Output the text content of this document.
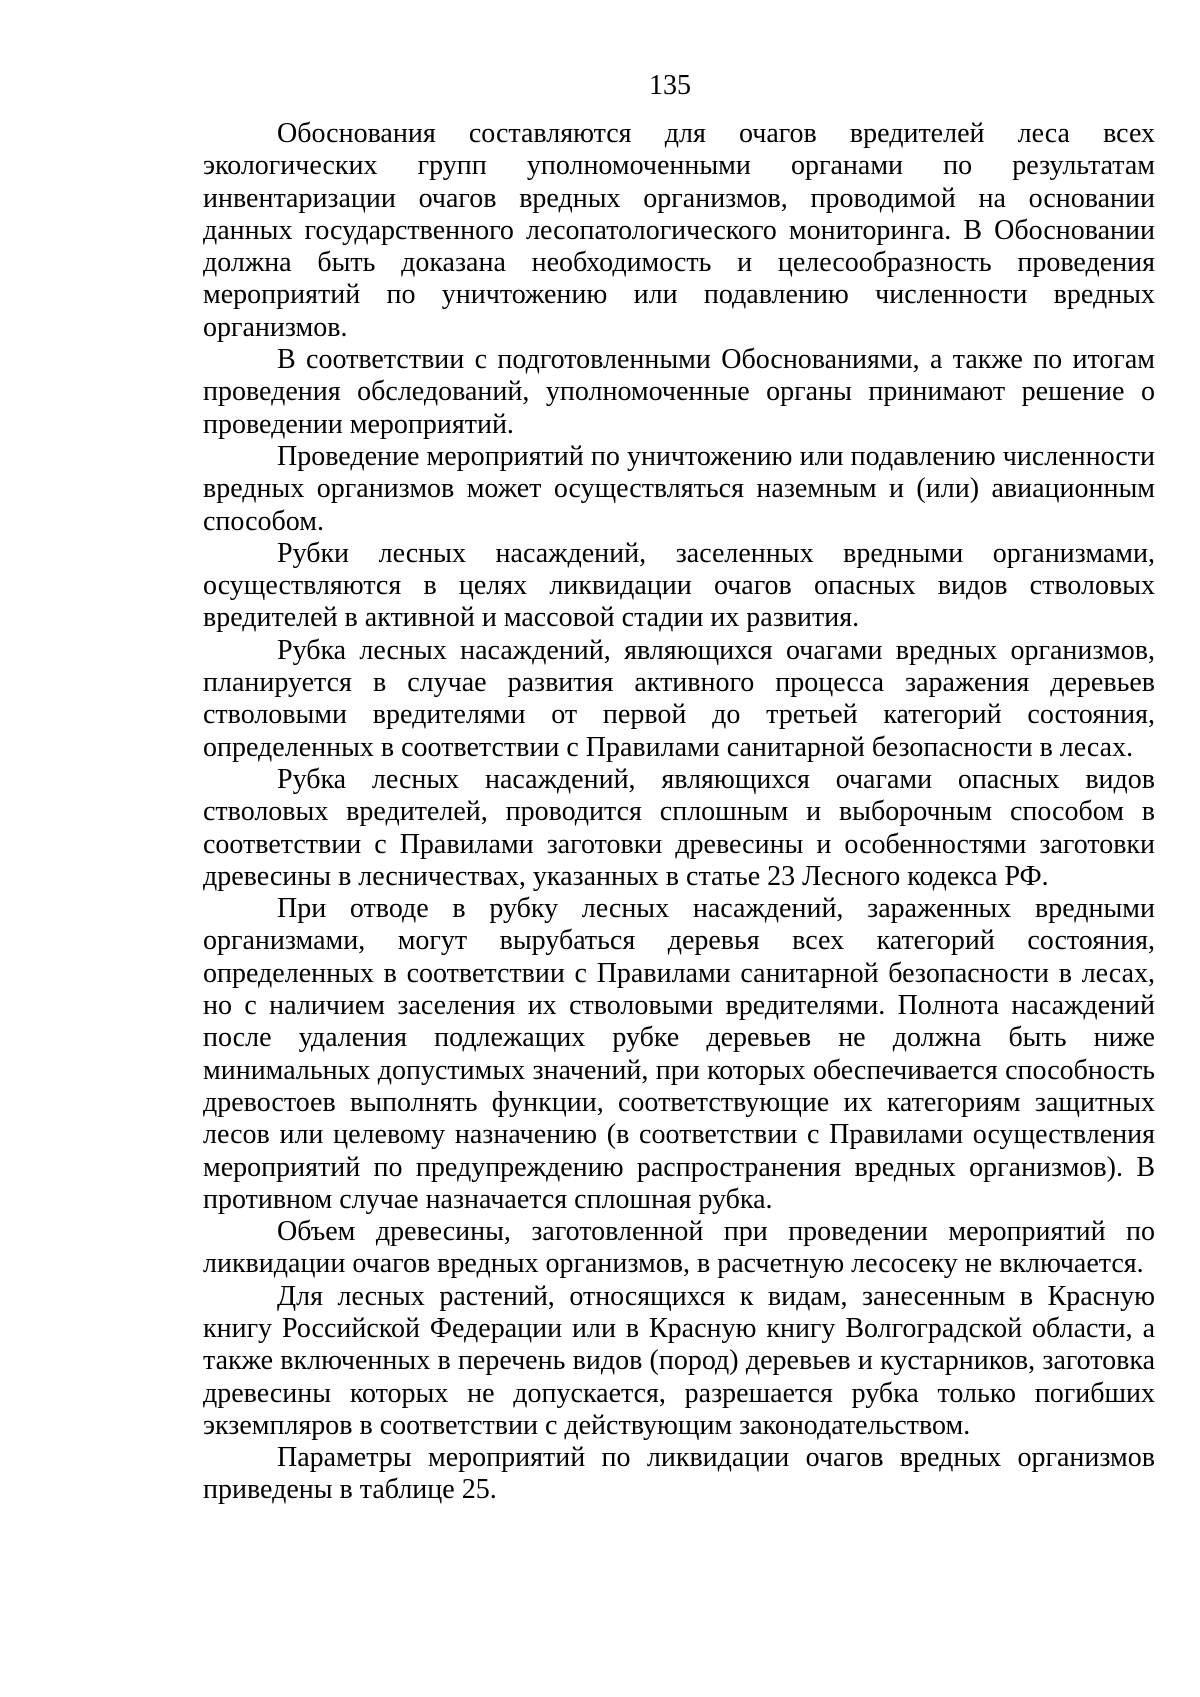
135

Обоснования составляются для очагов вредителей леса всех экологических групп уполномоченными органами по результатам инвентаризации очагов вредных организмов, проводимой на основании данных государственного лесопатологического мониторинга. В Обосновании должна быть доказана необходимость и целесообразность проведения мероприятий по уничтожению или подавлению численности вредных организмов.

В соответствии с подготовленными Обоснованиями, а также по итогам проведения обследований, уполномоченные органы принимают решение о проведении мероприятий.

Проведение мероприятий по уничтожению или подавлению численности вредных организмов может осуществляться наземным и (или) авиационным способом.

Рубки лесных насаждений, заселенных вредными организмами, осуществляются в целях ликвидации очагов опасных видов стволовых вредителей в активной и массовой стадии их развития.

Рубка лесных насаждений, являющихся очагами вредных организмов, планируется в случае развития активного процесса заражения деревьев стволовыми вредителями от первой до третьей категорий состояния, определенных в соответствии с Правилами санитарной безопасности в лесах.

Рубка лесных насаждений, являющихся очагами опасных видов стволовых вредителей, проводится сплошным и выборочным способом в соответствии с Правилами заготовки древесины и особенностями заготовки древесины в лесничествах, указанных в статье 23 Лесного кодекса РФ.

При отводе в рубку лесных насаждений, зараженных вредными организмами, могут вырубаться деревья всех категорий состояния, определенных в соответствии с Правилами санитарной безопасности в лесах, но с наличием заселения их стволовыми вредителями. Полнота насаждений после удаления подлежащих рубке деревьев не должна быть ниже минимальных допустимых значений, при которых обеспечивается способность древостоев выполнять функции, соответствующие их категориям защитных лесов или целевому назначению (в соответствии с Правилами осуществления мероприятий по предупреждению распространения вредных организмов). В противном случае назначается сплошная рубка.

Объем древесины, заготовленной при проведении мероприятий по ликвидации очагов вредных организмов, в расчетную лесосеку не включается.

Для лесных растений, относящихся к видам, занесенным в Красную книгу Российской Федерации или в Красную книгу Волгоградской области, а также включенных в перечень видов (пород) деревьев и кустарников, заготовка древесины которых не допускается, разрешается рубка только погибших экземпляров в соответствии с действующим законодательством.

Параметры мероприятий по ликвидации очагов вредных организмов приведены в таблице 25.
